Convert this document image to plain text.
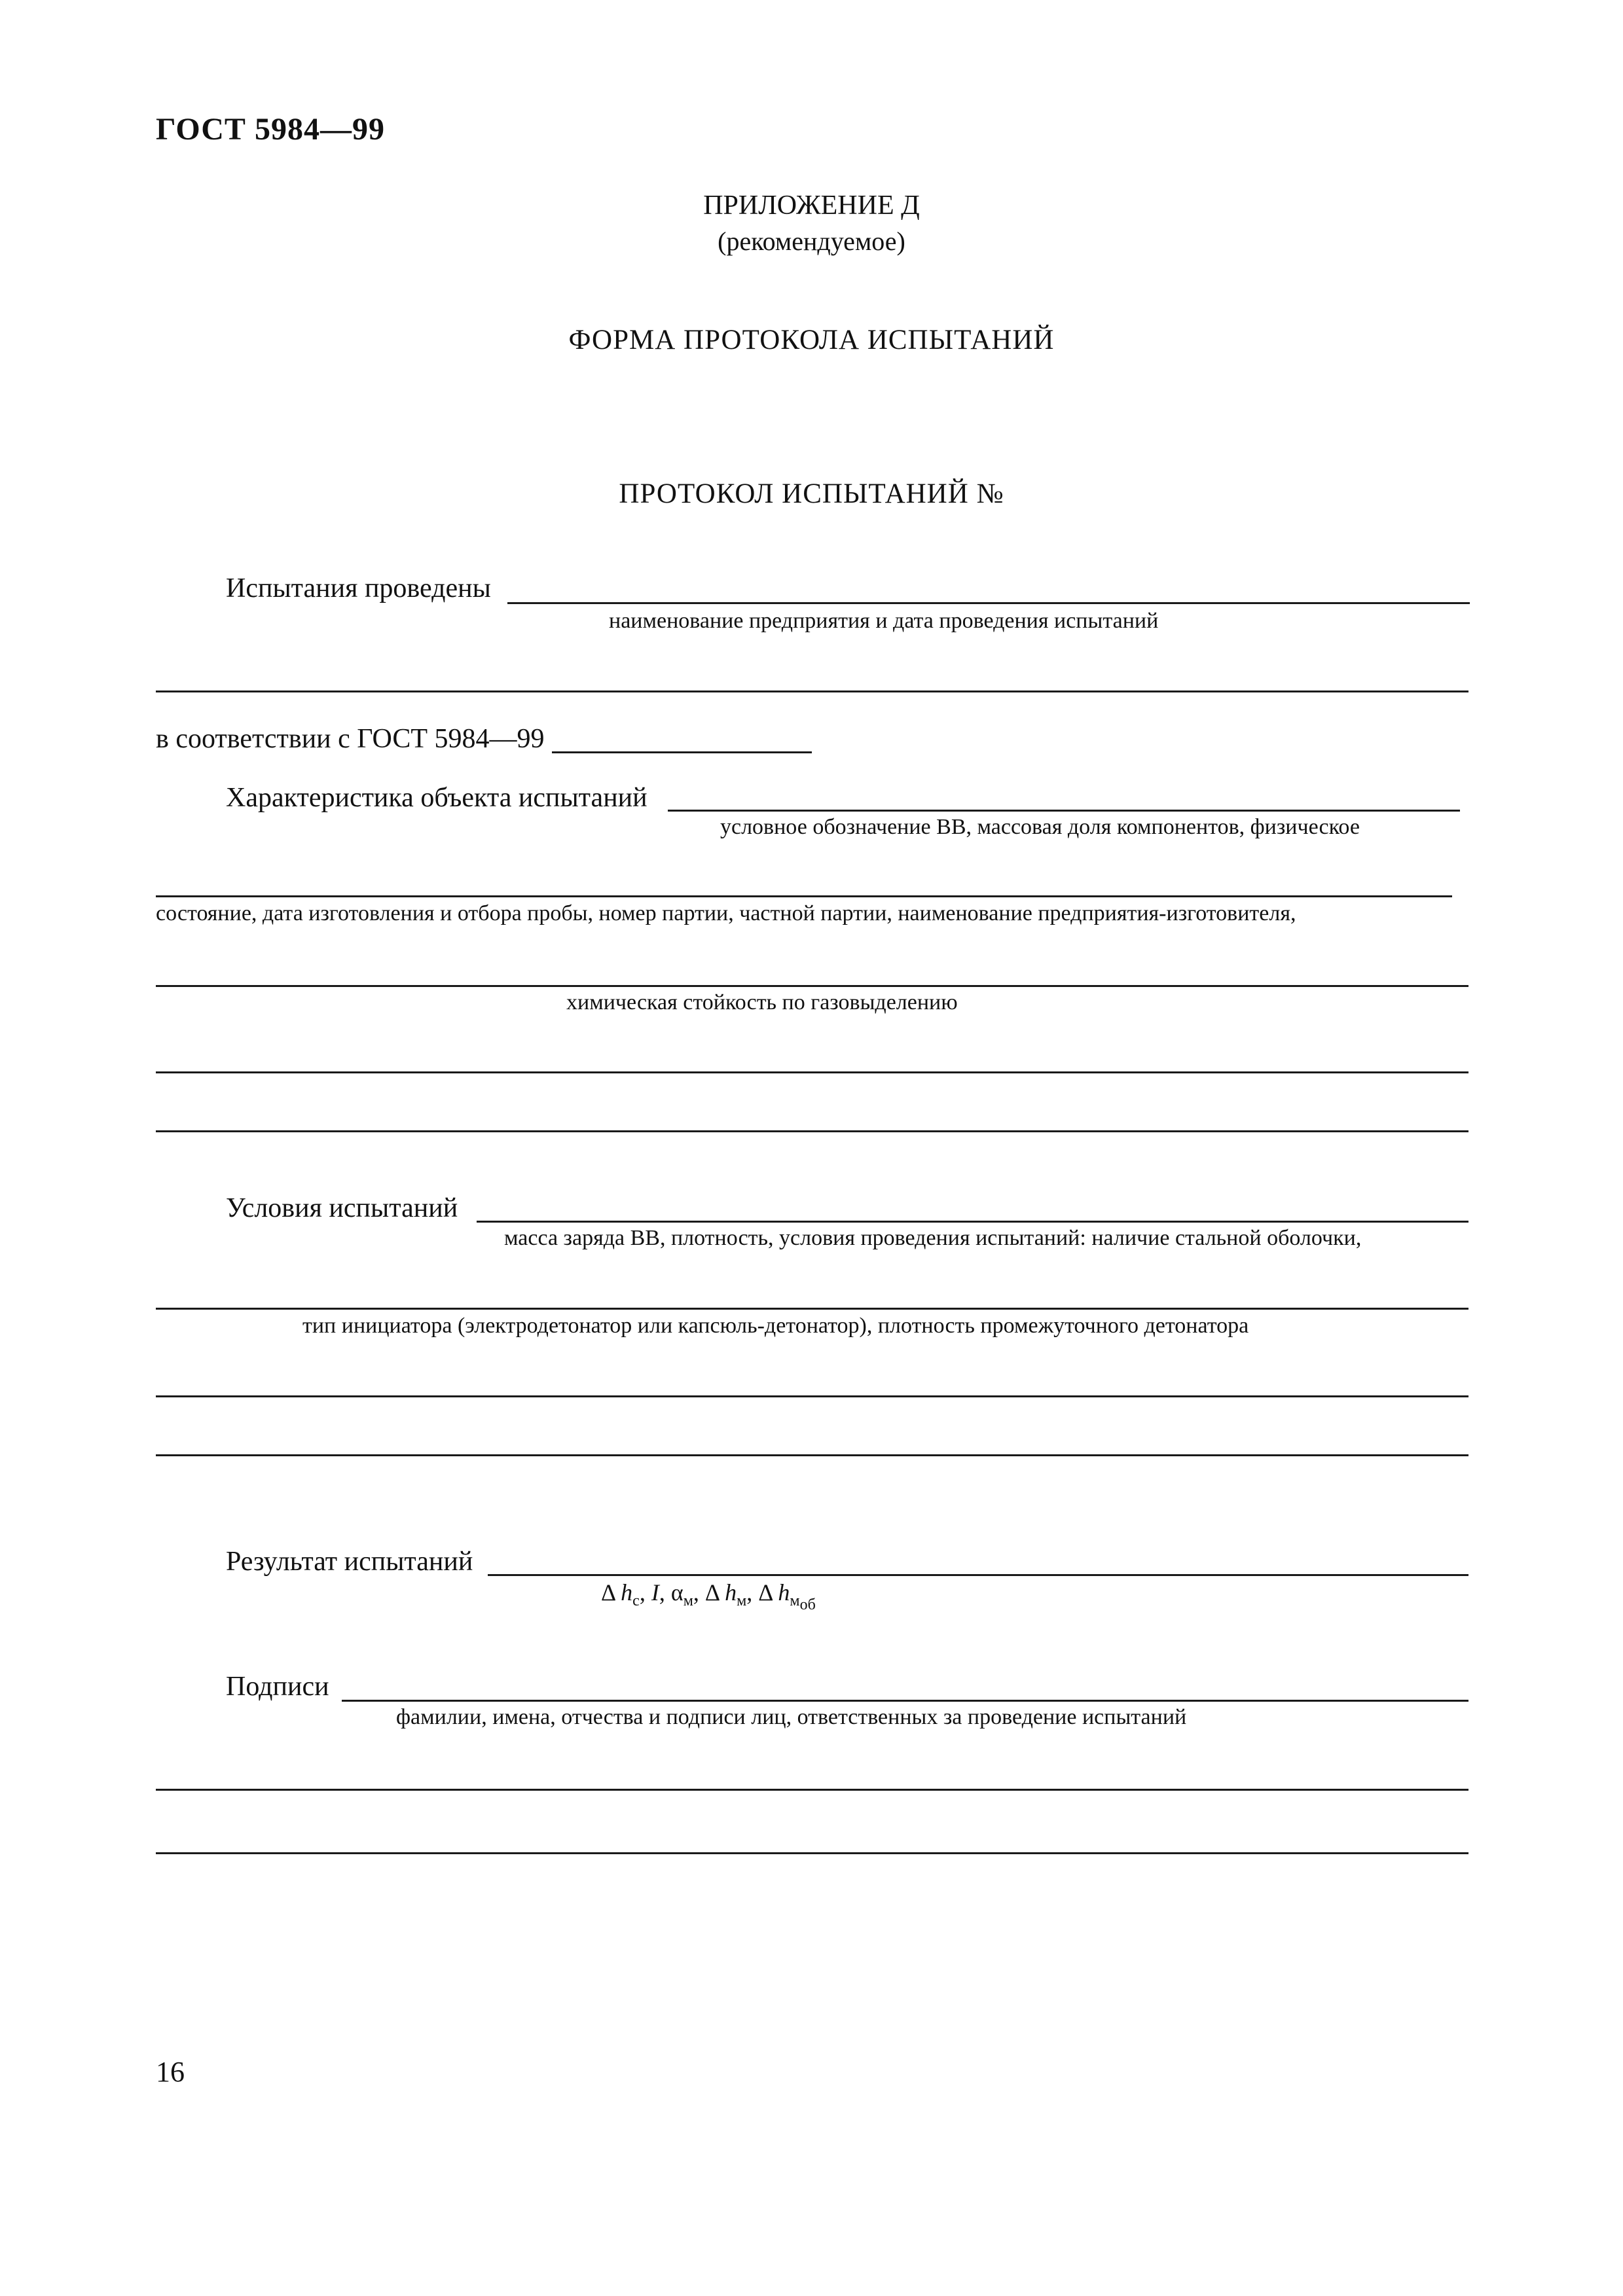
ГОСТ 5984—99
ПРИЛОЖЕНИЕ Д
(рекомендуемое)
ФОРМА ПРОТОКОЛА ИСПЫТАНИЙ
ПРОТОКОЛ ИСПЫТАНИЙ №
Испытания проведены
наименование предприятия и дата проведения испытаний
в соответствии с ГОСТ 5984—99
Характеристика объекта испытаний
условное обозначение ВВ, массовая доля компонентов, физическое
состояние, дата изготовления и отбора пробы, номер партии, частной партии, наименование предприятия-изготовителя,
химическая стойкость по газовыделению
Условия испытаний
масса заряда ВВ, плотность, условия проведения испытаний: наличие стальной оболочки,
тип инициатора (электродетонатор или капсюль-детонатор), плотность промежуточного детонатора
Результат испытаний
Δ $h_с$, I, $\alpha_м$, Δ $h_м$, Δ $h_{м_{об}}$
Подписи
фамилии, имена, отчества и подписи лиц, ответственных за проведение испытаний
16
